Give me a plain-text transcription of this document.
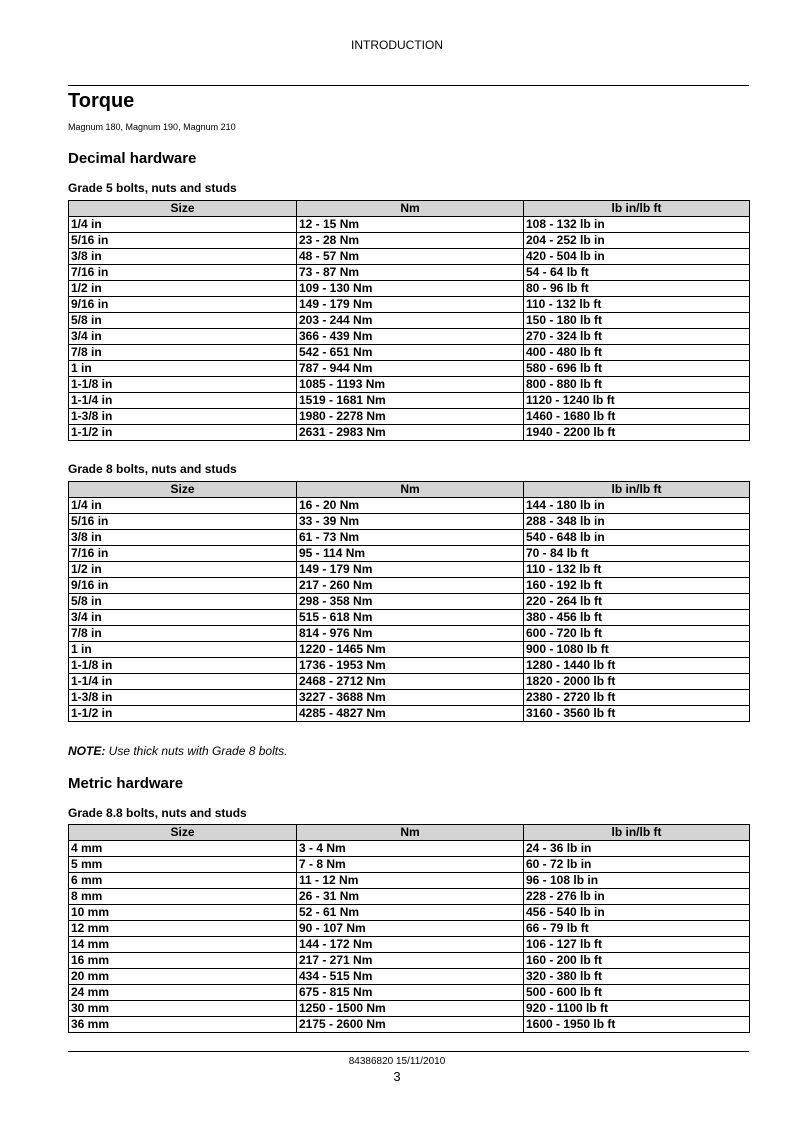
INTRODUCTION
Torque
Magnum 180, Magnum 190, Magnum 210
Decimal hardware
Grade 5 bolts, nuts and studs
Size	Nm	lb in/lb ft
1/4 in	12 - 15 Nm	108 - 132 lb in
5/16 in	23 - 28 Nm	204 - 252 lb in
3/8 in	48 - 57 Nm	420 - 504 lb in
7/16 in	73 - 87 Nm	54 - 64 lb ft
1/2 in	109 - 130 Nm	80 - 96 lb ft
9/16 in	149 - 179 Nm	110 - 132 lb ft
5/8 in	203 - 244 Nm	150 - 180 lb ft
3/4 in	366 - 439 Nm	270 - 324 lb ft
7/8 in	542 - 651 Nm	400 - 480 lb ft
1 in	787 - 944 Nm	580 - 696 lb ft
1-1/8 in	1085 - 1193 Nm	800 - 880 lb ft
1-1/4 in	1519 - 1681 Nm	1120 - 1240 lb ft
1-3/8 in	1980 - 2278 Nm	1460 - 1680 lb ft
1-1/2 in	2631 - 2983 Nm	1940 - 2200 lb ft
Grade 8 bolts, nuts and studs
Size	Nm	lb in/lb ft
1/4 in	16 - 20 Nm	144 - 180 lb in
5/16 in	33 - 39 Nm	288 - 348 lb in
3/8 in	61 - 73 Nm	540 - 648 lb in
7/16 in	95 - 114 Nm	70 - 84 lb ft
1/2 in	149 - 179 Nm	110 - 132 lb ft
9/16 in	217 - 260 Nm	160 - 192 lb ft
5/8 in	298 - 358 Nm	220 - 264 lb ft
3/4 in	515 - 618 Nm	380 - 456 lb ft
7/8 in	814 - 976 Nm	600 - 720 lb ft
1 in	1220 - 1465 Nm	900 - 1080 lb ft
1-1/8 in	1736 - 1953 Nm	1280 - 1440 lb ft
1-1/4 in	2468 - 2712 Nm	1820 - 2000 lb ft
1-3/8 in	3227 - 3688 Nm	2380 - 2720 lb ft
1-1/2 in	4285 - 4827 Nm	3160 - 3560 lb ft
NOTE: Use thick nuts with Grade 8 bolts.
Metric hardware
Grade 8.8 bolts, nuts and studs
Size	Nm	lb in/lb ft
4 mm	3 - 4 Nm	24 - 36 lb in
5 mm	7 - 8 Nm	60 - 72 lb in
6 mm	11 - 12 Nm	96 - 108 lb in
8 mm	26 - 31 Nm	228 - 276 lb in
10 mm	52 - 61 Nm	456 - 540 lb in
12 mm	90 - 107 Nm	66 - 79 lb ft
14 mm	144 - 172 Nm	106 - 127 lb ft
16 mm	217 - 271 Nm	160 - 200 lb ft
20 mm	434 - 515 Nm	320 - 380 lb ft
24 mm	675 - 815 Nm	500 - 600 lb ft
30 mm	1250 - 1500 Nm	920 - 1100 lb ft
36 mm	2175 - 2600 Nm	1600 - 1950 lb ft
84386820 15/11/2010
3
